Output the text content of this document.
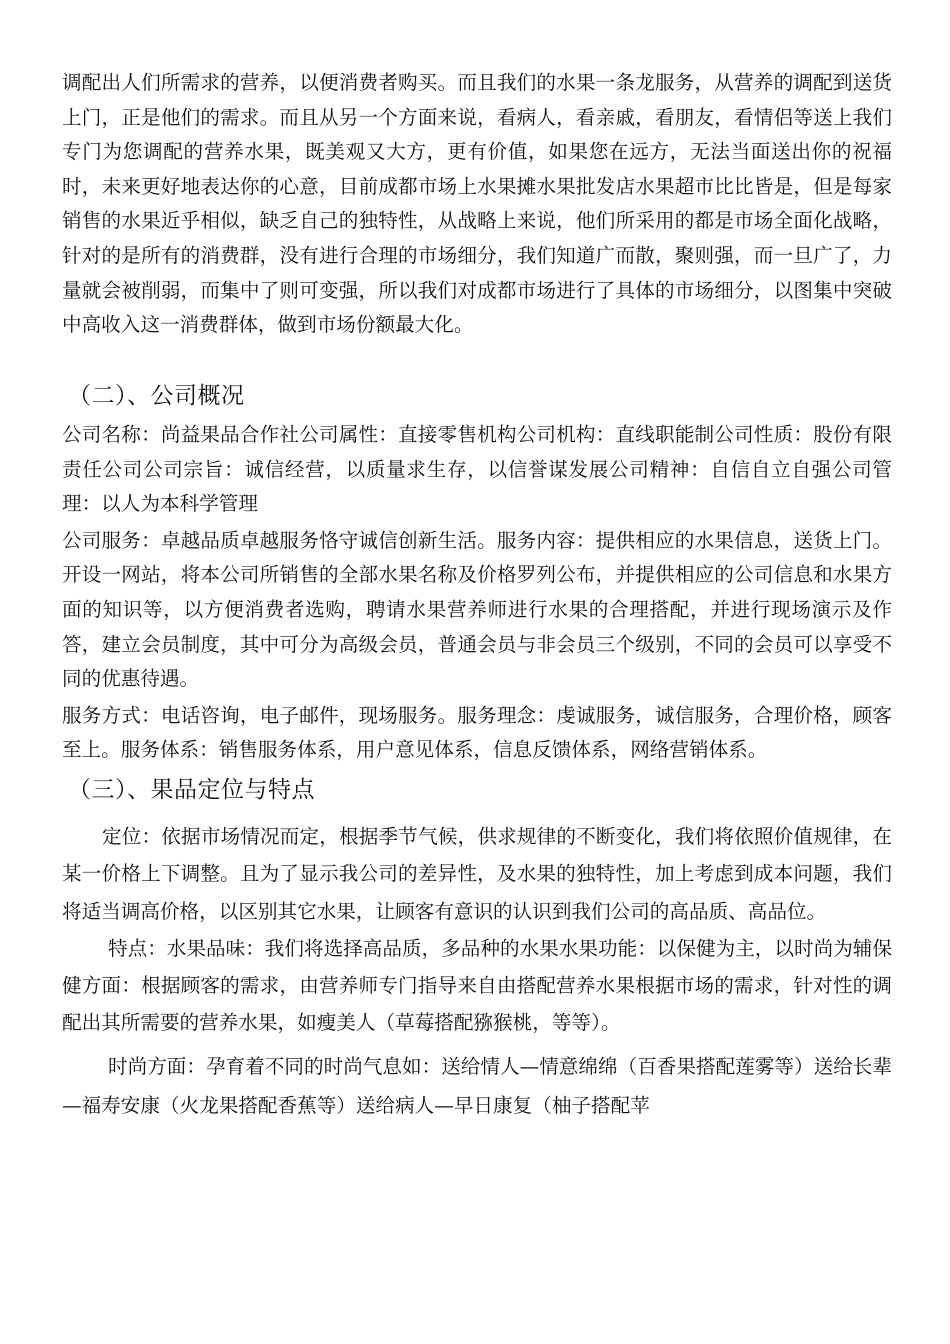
调配出人们所需求的营养，以便消费者购买。而且我们的水果一条龙服务，从营养的调配到送货上门，正是他们的需求。而且从另一个方面来说，看病人，看亲戚，看朋友，看情侣等送上我们专门为您调配的营养水果，既美观又大方，更有价值，如果您在远方，无法当面送出你的祝福时，未来更好地表达你的心意，目前成都市场上水果摊水果批发店水果超市比比皆是，但是每家销售的水果近乎相似，缺乏自己的独特性，从战略上来说，他们所采用的都是市场全面化战略，针对的是所有的消费群，没有进行合理的市场细分，我们知道广而散，聚则强，而一旦广了，力量就会被削弱，而集中了则可变强，所以我们对成都市场进行了具体的市场细分，以图集中突破中高收入这一消费群体，做到市场份额最大化。

（二）、公司概况

公司名称：尚益果品合作社公司属性：直接零售机构公司机构：直线职能制公司性质：股份有限责任公司公司宗旨：诚信经营，以质量求生存，以信誉谋发展公司精神：自信自立自强公司管理：以人为本科学管理

公司服务：卓越品质卓越服务恪守诚信创新生活。服务内容：提供相应的水果信息，送货上门。开设一网站，将本公司所销售的全部水果名称及价格罗列公布，并提供相应的公司信息和水果方面的知识等，以方便消费者选购，聘请水果营养师进行水果的合理搭配，并进行现场演示及作答，建立会员制度，其中可分为高级会员，普通会员与非会员三个级别，不同的会员可以享受不同的优惠待遇。

服务方式：电话咨询，电子邮件，现场服务。服务理念：虔诚服务，诚信服务，合理价格，顾客至上。服务体系：销售服务体系，用户意见体系，信息反馈体系，网络营销体系。

（三）、果品定位与特点

定位：依据市场情况而定，根据季节气候，供求规律的不断变化，我们将依照价值规律，在某一价格上下调整。且为了显示我公司的差异性，及水果的独特性，加上考虑到成本问题，我们将适当调高价格，以区别其它水果，让顾客有意识的认识到我们公司的高品质、高品位。

特点：水果品味：我们将选择高品质，多品种的水果水果功能：以保健为主，以时尚为辅保健方面：根据顾客的需求，由营养师专门指导来自由搭配营养水果根据市场的需求，针对性的调配出其所需要的营养水果，如瘦美人（草莓搭配猕猴桃，等等）。

时尚方面：孕育着不同的时尚气息如：送给情人—情意绵绵（百香果搭配莲雾等）送给长辈—福寿安康（火龙果搭配香蕉等）送给病人—早日康复（柚子搭配苹
